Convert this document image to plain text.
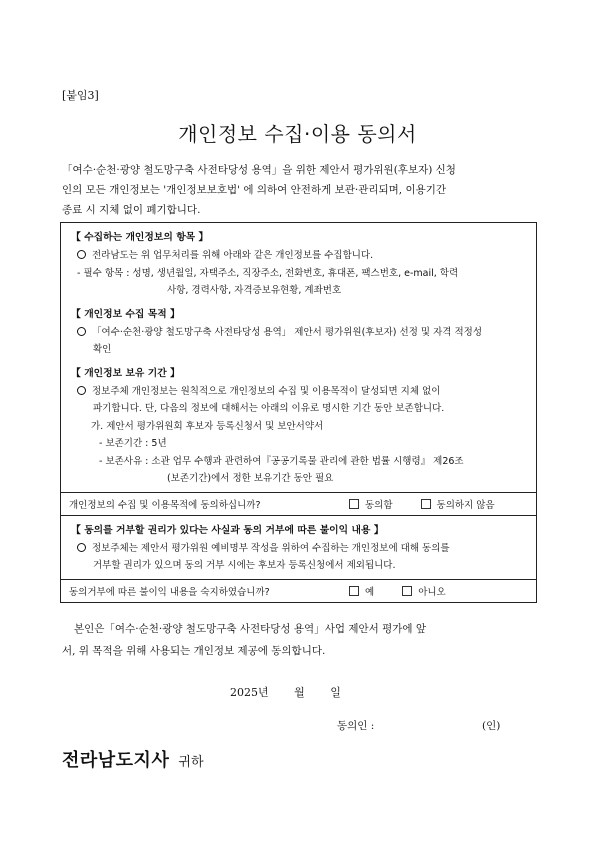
[붙임3]
개인정보 수집·이용 동의서
「여수·순천·광양 철도망구축 사전타당성 용역」을 위한 제안서 평가위원(후보자) 신청
인의 모든 개인정보는 '개인정보보호법' 에 의하여 안전하게 보관·관리되며, 이용기간
종료 시 지체 없이 폐기합니다.
【 수집하는 개인정보의 항목 】
전라남도는 위 업무처리를 위해 아래와 같은 개인정보를 수집합니다.
- 필수 항목 : 성명, 생년월일, 자택주소, 직장주소, 전화번호, 휴대폰, 팩스번호, e-mail, 학력
사항, 경력사항, 자격증보유현황, 계좌번호
【 개인정보 수집 목적 】
「여수·순천·광양 철도망구축 사전타당성 용역」 제안서 평가위원(후보자) 선정 및 자격 적정성
확인
【 개인정보 보유 기간 】
정보주체 개인정보는 원칙적으로 개인정보의 수집 및 이용목적이 달성되면 지체 없이
파기합니다. 단, 다음의 정보에 대해서는 아래의 이유로 명시한 기간 동안 보존합니다.
가. 제안서 평가위원회 후보자 등록신청서 및 보안서약서
- 보존기간 : 5년
- 보존사유 : 소관 업무 수행과 관련하여『공공기록물 관리에 관한 법률 시행령』 제26조
(보존기간)에서 정한 보유기간 동안 필요
개인정보의 수집 및 이용목적에 동의하십니까?	동의함	동의하지 않음
【 동의를 거부할 권리가 있다는 사실과 동의 거부에 따른 불이익 내용 】
정보주체는 제안서 평가위원 예비명부 작성을 위하여 수집하는 개인정보에 대해 동의를
거부할 권리가 있으며 동의 거부 시에는 후보자 등록신청에서 제외됩니다.
동의거부에 따른 불이익 내용을 숙지하였습니까?	예	아니오
본인은「여수·순천·광양 철도망구축 사전타당성 용역」사업 제안서 평가에 앞
서, 위 목적을 위해 사용되는 개인정보 제공에 동의합니다.
2025년 월 일
동의인 :	(인)
전라남도지사 귀하
